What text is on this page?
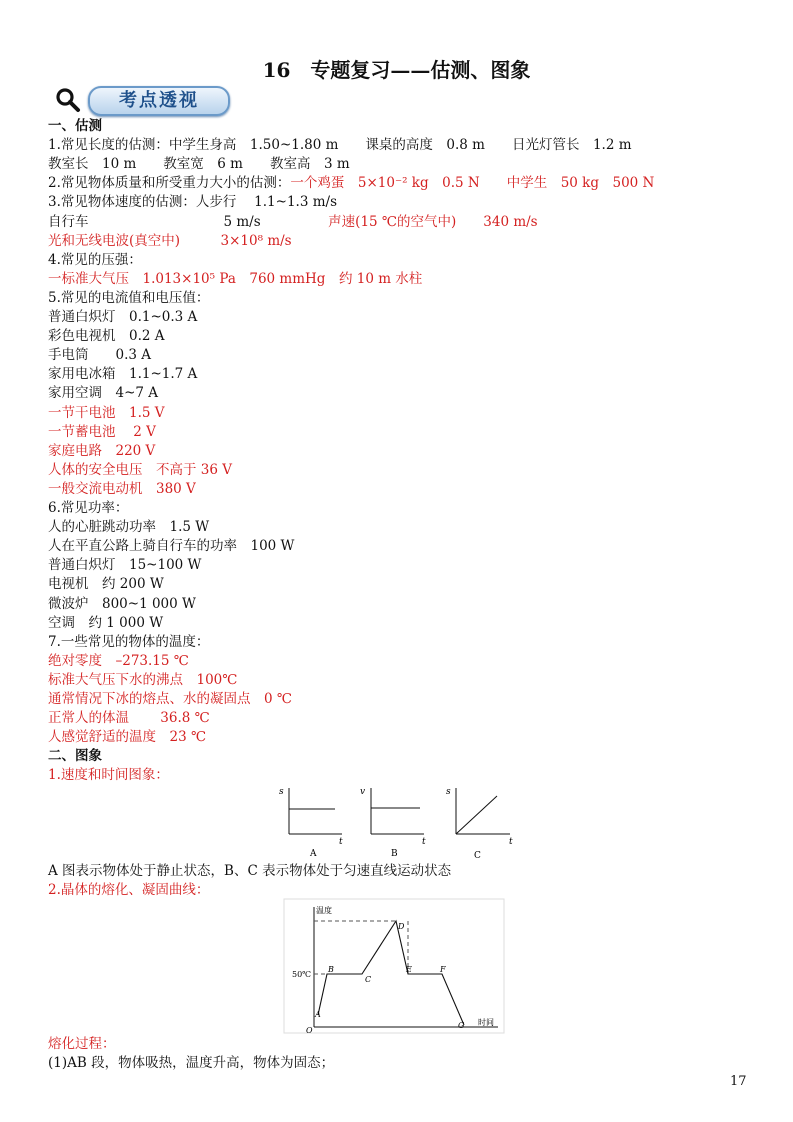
16　专题复习——估测、图象
考点透视
一、估测
1.常见长度的估测：中学生身高　1.50~1.80 m　　课桌的高度　0.8 m　　日光灯管长　1.2 m
教室长　10 m　　教室宽　6 m　　教室高　3 m
2.常见物体质量和所受重力大小的估测：一个鸡蛋　5×10⁻² kg　0.5 N　　中学生　50 kg　500 N
3.常见物体速度的估测：人步行　 1.1~1.3 m/s
自行车　　　　　　　　　　5 m/s　　　　　声速(15 ℃的空气中)　　340 m/s
光和无线电波(真空中)　　　3×10⁸ m/s
4.常见的压强：
一标准大气压　1.013×10⁵ Pa　760 mmHg　约 10 m 水柱
5.常见的电流值和电压值：
普通白炽灯　0.1~0.3 A
彩色电视机　0.2 A
手电筒　　0.3 A
家用电冰箱　1.1~1.7 A
家用空调　4~7 A
一节干电池　1.5 V
一节蓄电池　 2 V
家庭电路　220 V
人体的安全电压　不高于 36 V
一般交流电动机　380 V
6.常见功率：
人的心脏跳动功率　1.5 W
人在平直公路上骑自行车的功率　100 W
普通白炽灯　15~100 W
电视机　约 200 W
微波炉　800~1 000 W
空调　约 1 000 W
7.一些常见的物体的温度：
绝对零度　–273.15 ℃
标准大气压下水的沸点　100℃
通常情况下冰的熔点、水的凝固点　0 ℃
正常人的体温　　 36.8 ℃
人感觉舒适的温度　23 ℃
二、图象
1.速度和时间图象：
s
t
A
v
t
B
s
t
C
A 图表示物体处于静止状态，B、C 表示物体处于匀速直线运动状态
2.晶体的熔化、凝固曲线：
温度
时间
50℃
O
A
B
C
D
E	F
G
熔化过程：
(1)AB 段，物体吸热，温度升高，物体为固态；
17
